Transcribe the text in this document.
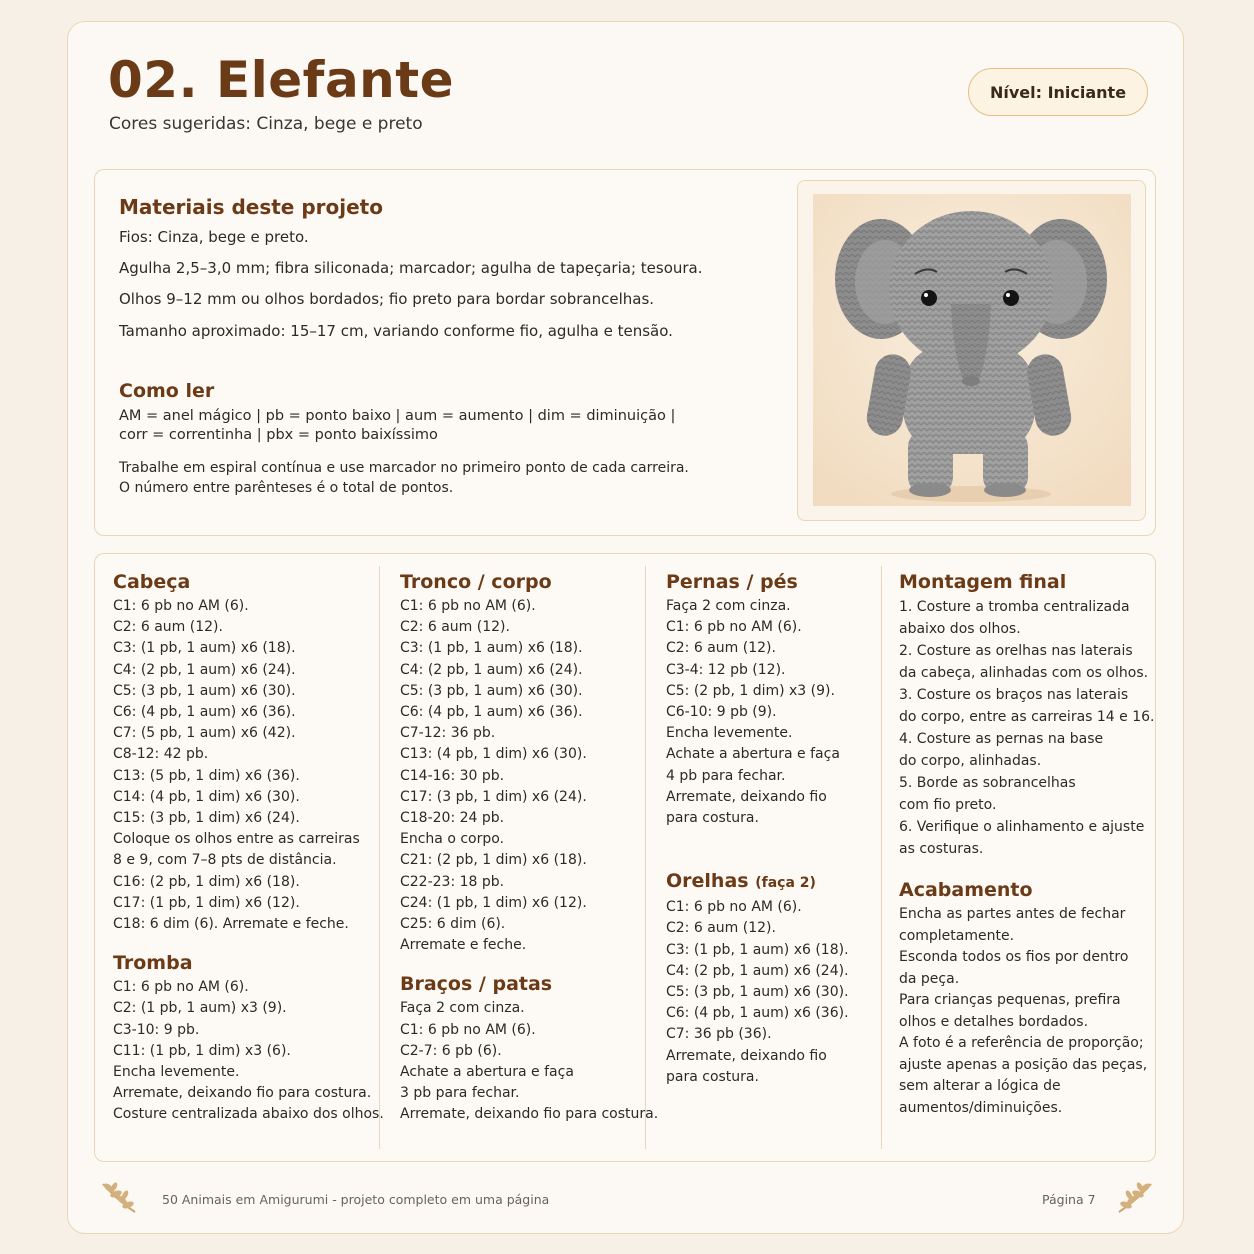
02. Elefante
Cores sugeridas: Cinza, bege e preto
Nível: Iniciante
Materiais deste projeto
Fios: Cinza, bege e preto.
Agulha 2,5–3,0 mm; fibra siliconada; marcador; agulha de tapeçaria; tesoura.
Olhos 9–12 mm ou olhos bordados; fio preto para bordar sobrancelhas.
Tamanho aproximado: 15–17 cm, variando conforme fio, agulha e tensão.
Como ler
AM = anel mágico | pb = ponto baixo | aum = aumento | dim = diminuição |
corr = correntinha | pbx = ponto baixíssimo
Trabalhe em espiral contínua e use marcador no primeiro ponto de cada carreira.
O número entre parênteses é o total de pontos.
Cabeça
C1: 6 pb no AM (6).
C2: 6 aum (12).
C3: (1 pb, 1 aum) x6 (18).
C4: (2 pb, 1 aum) x6 (24).
C5: (3 pb, 1 aum) x6 (30).
C6: (4 pb, 1 aum) x6 (36).
C7: (5 pb, 1 aum) x6 (42).
C8-12: 42 pb.
C13: (5 pb, 1 dim) x6 (36).
C14: (4 pb, 1 dim) x6 (30).
C15: (3 pb, 1 dim) x6 (24).
Coloque os olhos entre as carreiras
8 e 9, com 7–8 pts de distância.
C16: (2 pb, 1 dim) x6 (18).
C17: (1 pb, 1 dim) x6 (12).
C18: 6 dim (6). Arremate e feche.
Tromba
C1: 6 pb no AM (6).
C2: (1 pb, 1 aum) x3 (9).
C3-10: 9 pb.
C11: (1 pb, 1 dim) x3 (6).
Encha levemente.
Arremate, deixando fio para costura.
Costure centralizada abaixo dos olhos.
Tronco / corpo
C1: 6 pb no AM (6).
C2: 6 aum (12).
C3: (1 pb, 1 aum) x6 (18).
C4: (2 pb, 1 aum) x6 (24).
C5: (3 pb, 1 aum) x6 (30).
C6: (4 pb, 1 aum) x6 (36).
C7-12: 36 pb.
C13: (4 pb, 1 dim) x6 (30).
C14-16: 30 pb.
C17: (3 pb, 1 dim) x6 (24).
C18-20: 24 pb.
Encha o corpo.
C21: (2 pb, 1 dim) x6 (18).
C22-23: 18 pb.
C24: (1 pb, 1 dim) x6 (12).
C25: 6 dim (6).
Arremate e feche.
Braços / patas
Faça 2 com cinza.
C1: 6 pb no AM (6).
C2-7: 6 pb (6).
Achate a abertura e faça
3 pb para fechar.
Arremate, deixando fio para costura.
Pernas / pés
Faça 2 com cinza.
C1: 6 pb no AM (6).
C2: 6 aum (12).
C3-4: 12 pb (12).
C5: (2 pb, 1 dim) x3 (9).
C6-10: 9 pb (9).
Encha levemente.
Achate a abertura e faça
4 pb para fechar.
Arremate, deixando fio
para costura.
Orelhas (faça 2)
C1: 6 pb no AM (6).
C2: 6 aum (12).
C3: (1 pb, 1 aum) x6 (18).
C4: (2 pb, 1 aum) x6 (24).
C5: (3 pb, 1 aum) x6 (30).
C6: (4 pb, 1 aum) x6 (36).
C7: 36 pb (36).
Arremate, deixando fio
para costura.
Montagem final
1. Costure a tromba centralizada
abaixo dos olhos.
2. Costure as orelhas nas laterais
da cabeça, alinhadas com os olhos.
3. Costure os braços nas laterais
do corpo, entre as carreiras 14 e 16.
4. Costure as pernas na base
do corpo, alinhadas.
5. Borde as sobrancelhas
com fio preto.
6. Verifique o alinhamento e ajuste
as costuras.
Acabamento
Encha as partes antes de fechar
completamente.
Esconda todos os fios por dentro
da peça.
Para crianças pequenas, prefira
olhos e detalhes bordados.
A foto é a referência de proporção;
ajuste apenas a posição das peças,
sem alterar a lógica de
aumentos/diminuições.
50 Animais em Amigurumi - projeto completo em uma página	Página 7
